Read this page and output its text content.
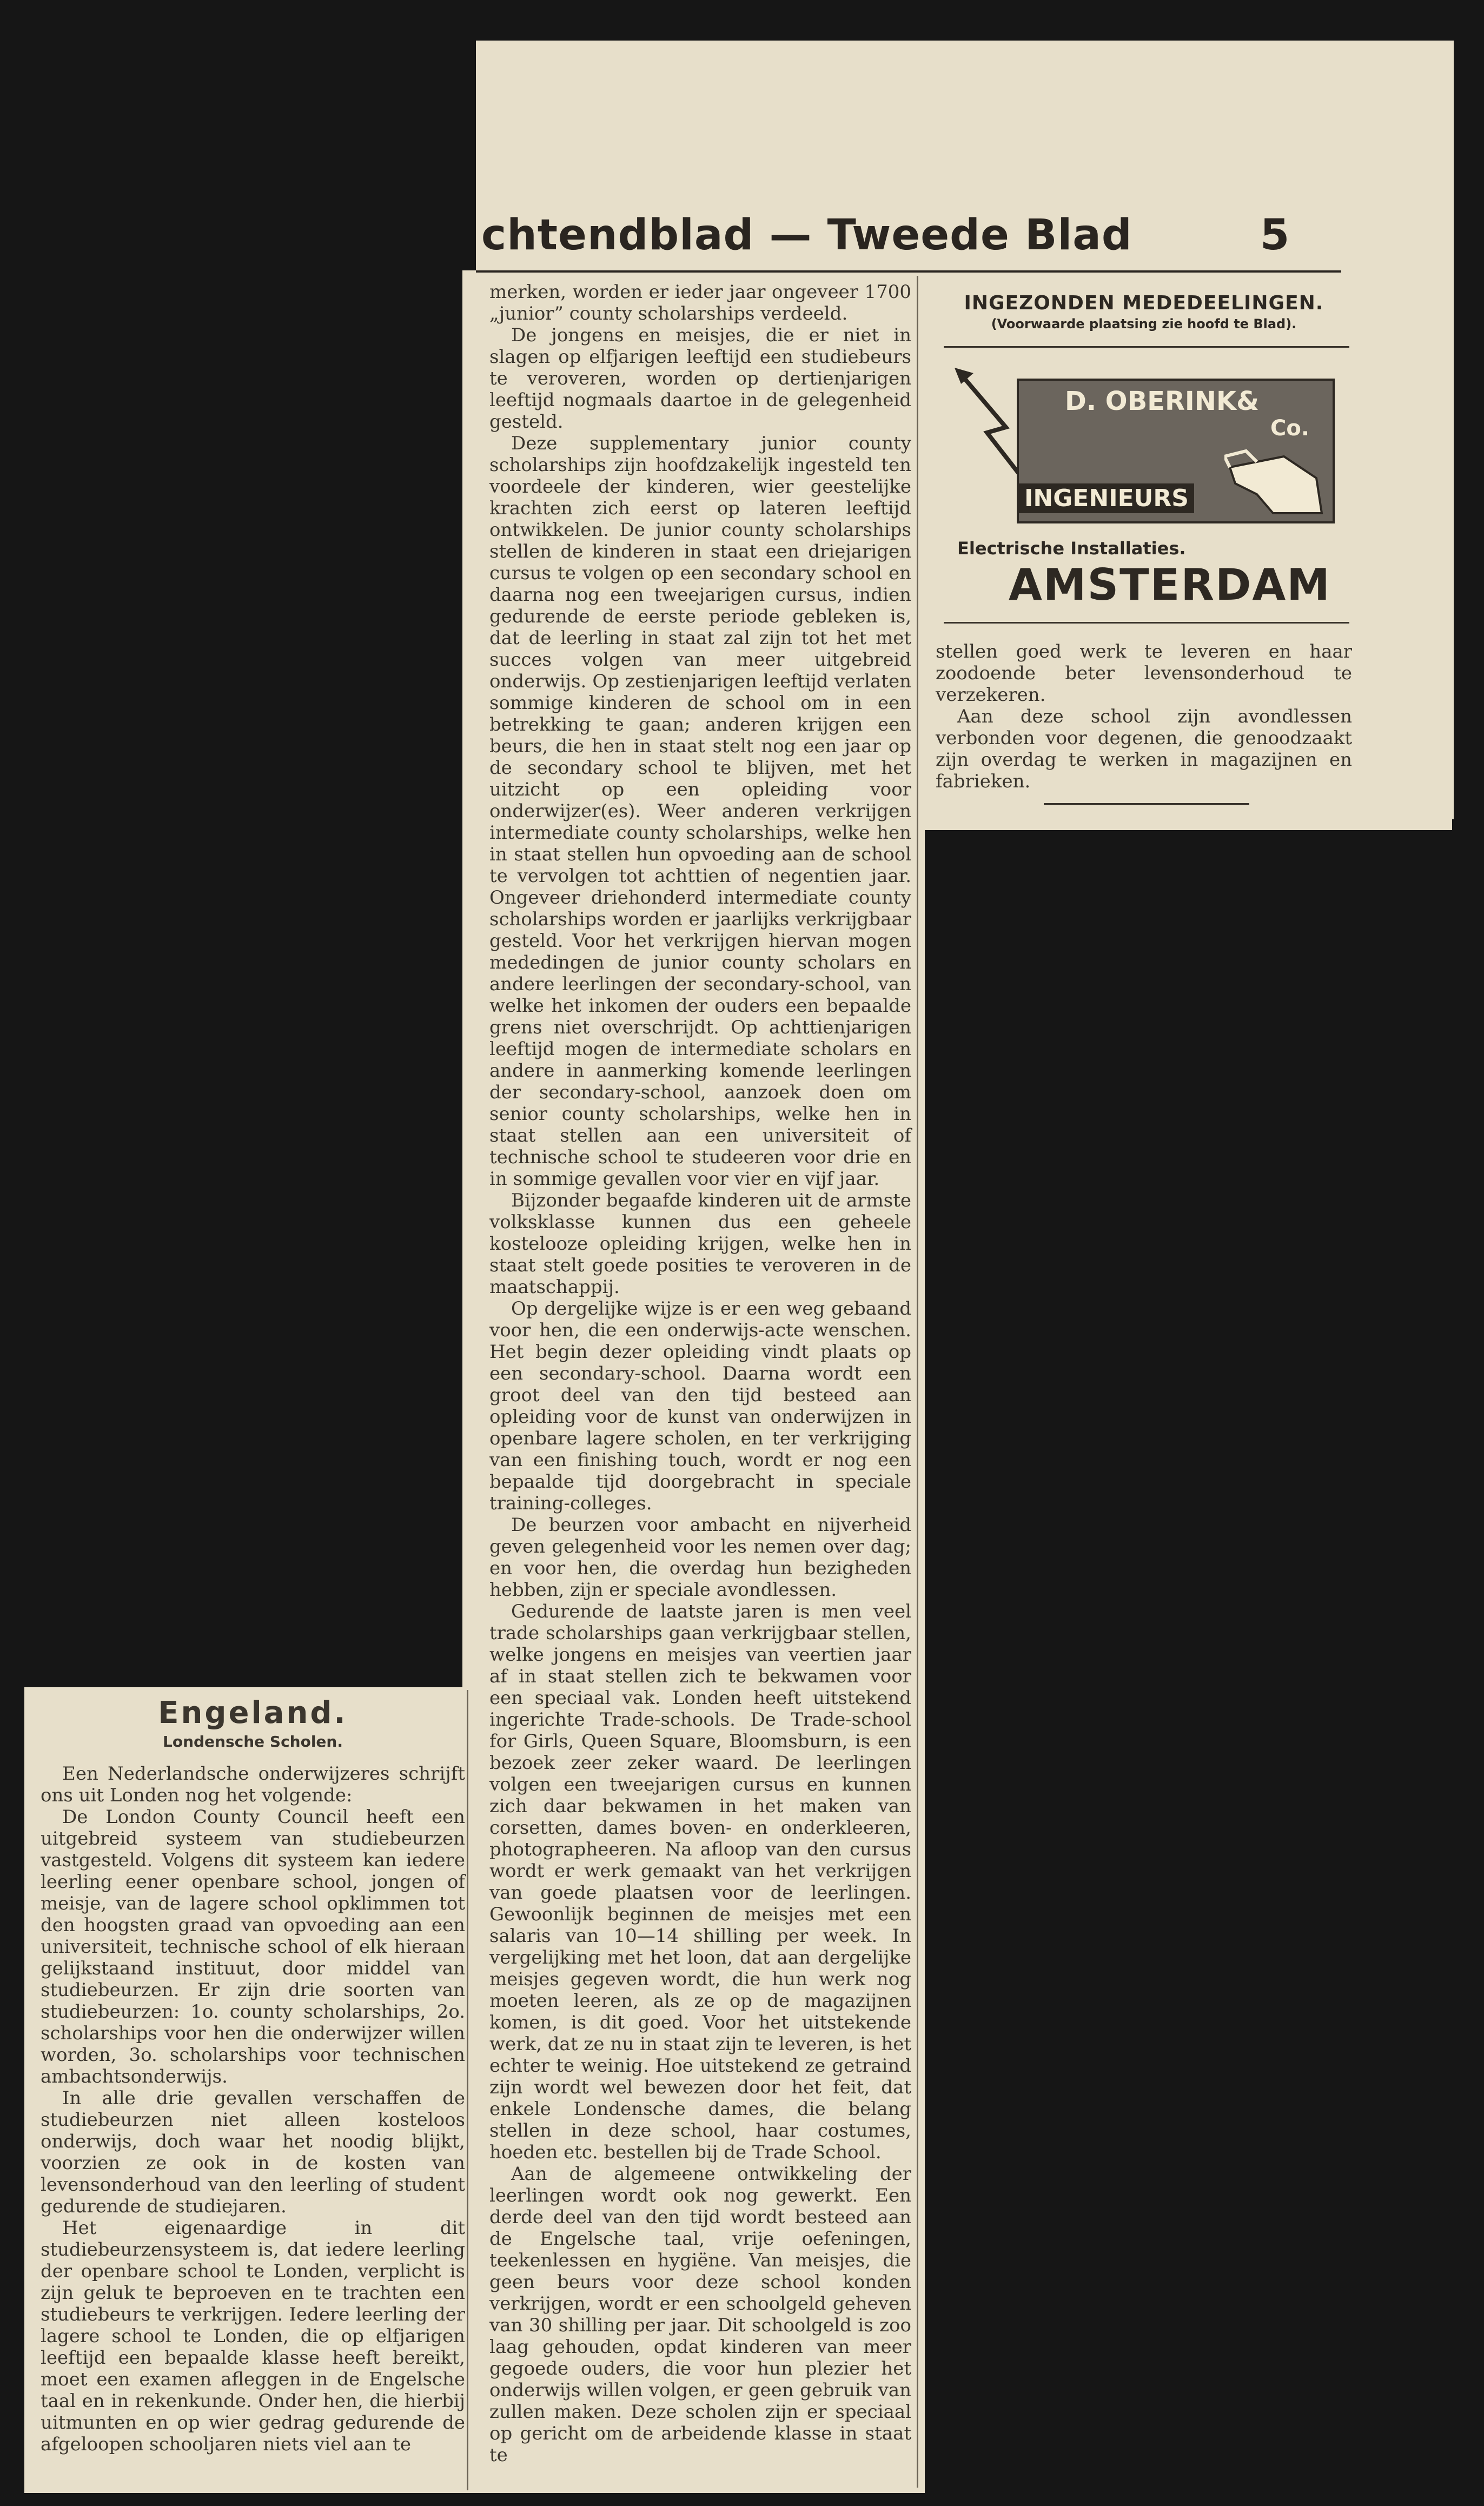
chtendblad — Tweede Blad	5

merken, worden er ieder jaar ongeveer 1700 „junior” county scholarships verdeeld.

De jongens en meisjes, die er niet in slagen op elfjarigen leeftijd een studiebeurs te veroveren, worden op dertienjarigen leeftijd nogmaals daartoe in de gelegenheid gesteld.

Deze supplementary junior county scholarships zijn hoofdzakelijk ingesteld ten voordeele der kinderen, wier geestelijke krachten zich eerst op lateren leeftijd ontwikkelen. De junior county scholarships stellen de kinderen in staat een driejarigen cursus te volgen op een secondary school en daarna nog een tweejarigen cursus, indien gedurende de eerste periode gebleken is, dat de leerling in staat zal zijn tot het met succes volgen van meer uitgebreid onderwijs. Op zestienjarigen leeftijd verlaten sommige kinderen de school om in een betrekking te gaan; anderen krijgen een beurs, die hen in staat stelt nog een jaar op de secondary school te blijven, met het uitzicht op een opleiding voor onderwijzer(es). Weer anderen verkrijgen intermediate county scholarships, welke hen in staat stellen hun opvoeding aan de school te vervolgen tot achttien of negentien jaar. Ongeveer driehonderd intermediate county scholarships worden er jaarlijks verkrijgbaar gesteld. Voor het verkrijgen hiervan mogen mededingen de junior county scholars en andere leerlingen der secondary-school, van welke het inkomen der ouders een bepaalde grens niet overschrijdt. Op achttienjarigen leeftijd mogen de intermediate scholars en andere in aanmerking komende leerlingen der secondary-school, aanzoek doen om senior county scholarships, welke hen in staat stellen aan een universiteit of technische school te studeeren voor drie en in sommige gevallen voor vier en vijf jaar.

Bijzonder begaafde kinderen uit de armste volksklasse kunnen dus een geheele kostelooze opleiding krijgen, welke hen in staat stelt goede posities te veroveren in de maatschappij.

Op dergelijke wijze is er een weg gebaand voor hen, die een onderwijs-acte wenschen. Het begin dezer opleiding vindt plaats op een secondary-school. Daarna wordt een groot deel van den tijd besteed aan opleiding voor de kunst van onderwijzen in openbare lagere scholen, en ter verkrijging van een finishing touch, wordt er nog een bepaalde tijd doorgebracht in speciale training-colleges.

De beurzen voor ambacht en nijverheid geven gelegenheid voor les nemen over dag; en voor hen, die overdag hun bezigheden hebben, zijn er speciale avondlessen.

Gedurende de laatste jaren is men veel trade scholarships gaan verkrijgbaar stellen, welke jongens en meisjes van veertien jaar af in staat stellen zich te bekwamen voor een speciaal vak. Londen heeft uitstekend ingerichte Trade-schools. De Trade-school for Girls, Queen Square, Bloomsburn, is een bezoek zeer zeker waard. De leerlingen volgen een tweejarigen cursus en kunnen zich daar bekwamen in het maken van corsetten, dames boven- en onderkleeren, photographeeren. Na afloop van den cursus wordt er werk gemaakt van het verkrijgen van goede plaatsen voor de leerlingen. Gewoonlijk beginnen de meisjes met een salaris van 10—14 shilling per week. In vergelijking met het loon, dat aan dergelijke meisjes gegeven wordt, die hun werk nog moeten leeren, als ze op de magazijnen komen, is dit goed. Voor het uitstekende werk, dat ze nu in staat zijn te leveren, is het echter te weinig. Hoe uitstekend ze getraind zijn wordt wel bewezen door het feit, dat enkele Londensche dames, die belang stellen in deze school, haar costumes, hoeden etc. bestellen bij de Trade School.

Aan de algemeene ontwikkeling der leerlingen wordt ook nog gewerkt. Een derde deel van den tijd wordt besteed aan de Engelsche taal, vrije oefeningen, teekenlessen en hygiëne. Van meisjes, die geen beurs voor deze school konden verkrijgen, wordt er een schoolgeld geheven van 30 shilling per jaar. Dit schoolgeld is zoo laag gehouden, opdat kinderen van meer gegoede ouders, die voor hun plezier het onderwijs willen volgen, er geen gebruik van zullen maken. Deze scholen zijn er speciaal op gericht om de arbeidende klasse in staat te

INGEZONDEN MEDEDEELINGEN.
(Voorwaarde plaatsing zie hoofd te Blad).
D. OBERINK&
Co.
INGENIEURS
Electrische Installaties.
AMSTERDAM

stellen goed werk te leveren en haar zoodoende beter levensonderhoud te verzekeren.

Aan deze school zijn avondlessen verbonden voor degenen, die genoodzaakt zijn overdag te werken in magazijnen en fabrieken.

Engeland.
Londensche Scholen.

Een Nederlandsche onderwijzeres schrijft ons uit Londen nog het volgende:

De London County Council heeft een uitgebreid systeem van studiebeurzen vastgesteld. Volgens dit systeem kan iedere leerling eener openbare school, jongen of meisje, van de lagere school opklimmen tot den hoogsten graad van opvoeding aan een universiteit, technische school of elk hieraan gelijkstaand instituut, door middel van studiebeurzen. Er zijn drie soorten van studiebeurzen: 1o. county scholarships, 2o. scholarships voor hen die onderwijzer willen worden, 3o. scholarships voor technischen ambachtsonderwijs.

In alle drie gevallen verschaffen de studiebeurzen niet alleen kosteloos onderwijs, doch waar het noodig blijkt, voorzien ze ook in de kosten van levensonderhoud van den leerling of student gedurende de studiejaren.

Het eigenaardige in dit studiebeurzensysteem is, dat iedere leerling der openbare school te Londen, verplicht is zijn geluk te beproeven en te trachten een studiebeurs te verkrijgen. Iedere leerling der lagere school te Londen, die op elfjarigen leeftijd een bepaalde klasse heeft bereikt, moet een examen afleggen in de Engelsche taal en in rekenkunde. Onder hen, die hierbij uitmunten en op wier gedrag gedurende de afgeloopen schooljaren niets viel aan te
